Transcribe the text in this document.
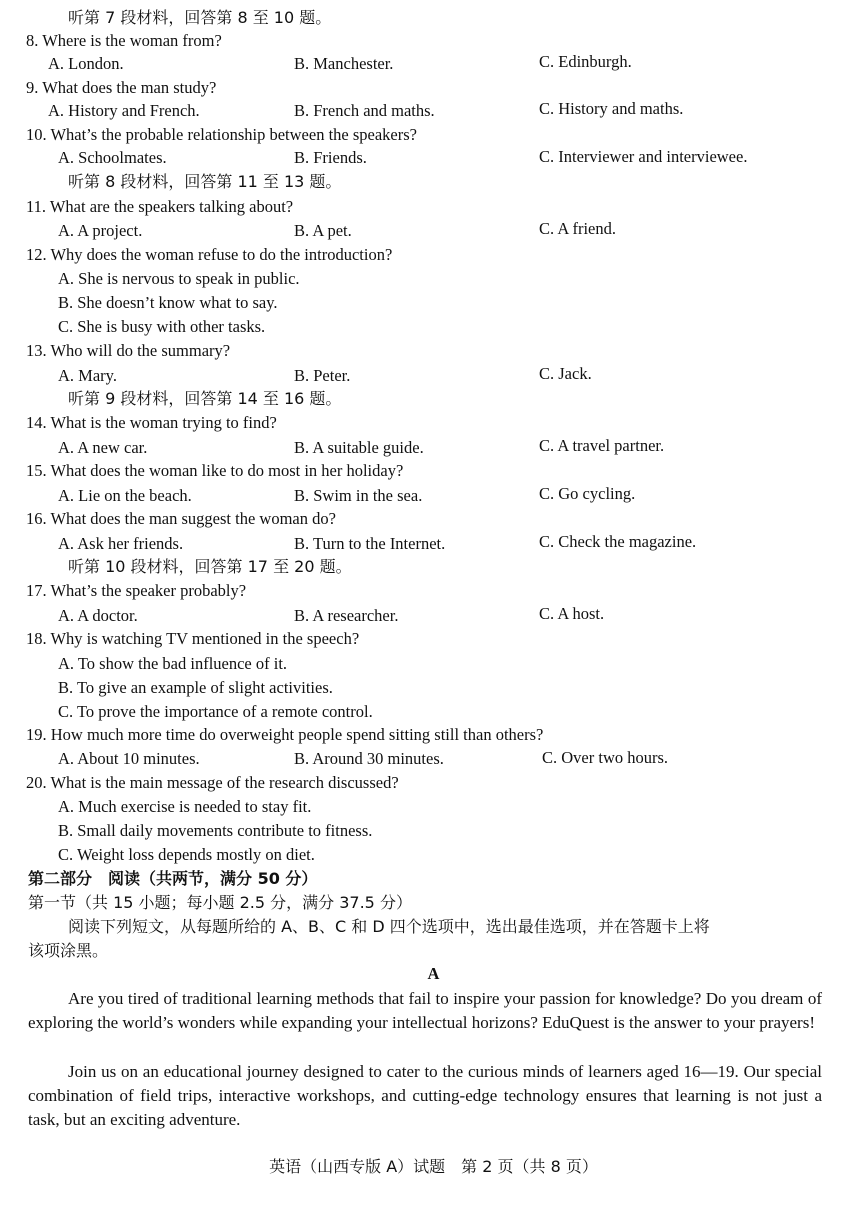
听第 7 段材料，回答第 8 至 10 题。
8. Where is the woman from?
A. London.	B. Manchester.	C. Edinburgh.
9. What does the man study?
A. History and French.	B. French and maths.	C. History and maths.
10. What’s the probable relationship between the speakers?
A. Schoolmates.	B. Friends.	C. Interviewer and interviewee.
听第 8 段材料，回答第 11 至 13 题。
11. What are the speakers talking about?
A. A project.	B. A pet.	C. A friend.
12. Why does the woman refuse to do the introduction?
A. She is nervous to speak in public.
B. She doesn’t know what to say.
C. She is busy with other tasks.
13. Who will do the summary?
A. Mary.	B. Peter.	C. Jack.
听第 9 段材料，回答第 14 至 16 题。
14. What is the woman trying to find?
A. A new car.	B. A suitable guide.	C. A travel partner.
15. What does the woman like to do most in her holiday?
A. Lie on the beach.	B. Swim in the sea.	C. Go cycling.
16. What does the man suggest the woman do?
A. Ask her friends.	B. Turn to the Internet.	C. Check the magazine.
听第 10 段材料，回答第 17 至 20 题。
17. What’s the speaker probably?
A. A doctor.	B. A researcher.	C. A host.
18. Why is watching TV mentioned in the speech?
A. To show the bad influence of it.
B. To give an example of slight activities.
C. To prove the importance of a remote control.
19. How much more time do overweight people spend sitting still than others?
A. About 10 minutes.	B. Around 30 minutes.	C. Over two hours.
20. What is the main message of the research discussed?
A. Much exercise is needed to stay fit.
B. Small daily movements contribute to fitness.
C. Weight loss depends mostly on diet.
第二部分　阅读（共两节，满分 50 分）
第一节（共 15 小题；每小题 2.5 分，满分 37.5 分）
阅读下列短文，从每题所给的 A、B、C 和 D 四个选项中，选出最佳选项，并在答题卡上将
该项涂黑。
A
Are you tired of traditional learning methods that fail to inspire your passion for knowledge? Do you dream of exploring the world’s wonders while expanding your intellectual horizons? EduQuest is the answer to your prayers!
Join us on an educational journey designed to cater to the curious minds of learners aged 16—19. Our special combination of field trips, interactive workshops, and cutting-edge technology ensures that learning is not just a task, but an exciting adventure.
英语（山西专版 A）试题　第 2 页（共 8 页）
